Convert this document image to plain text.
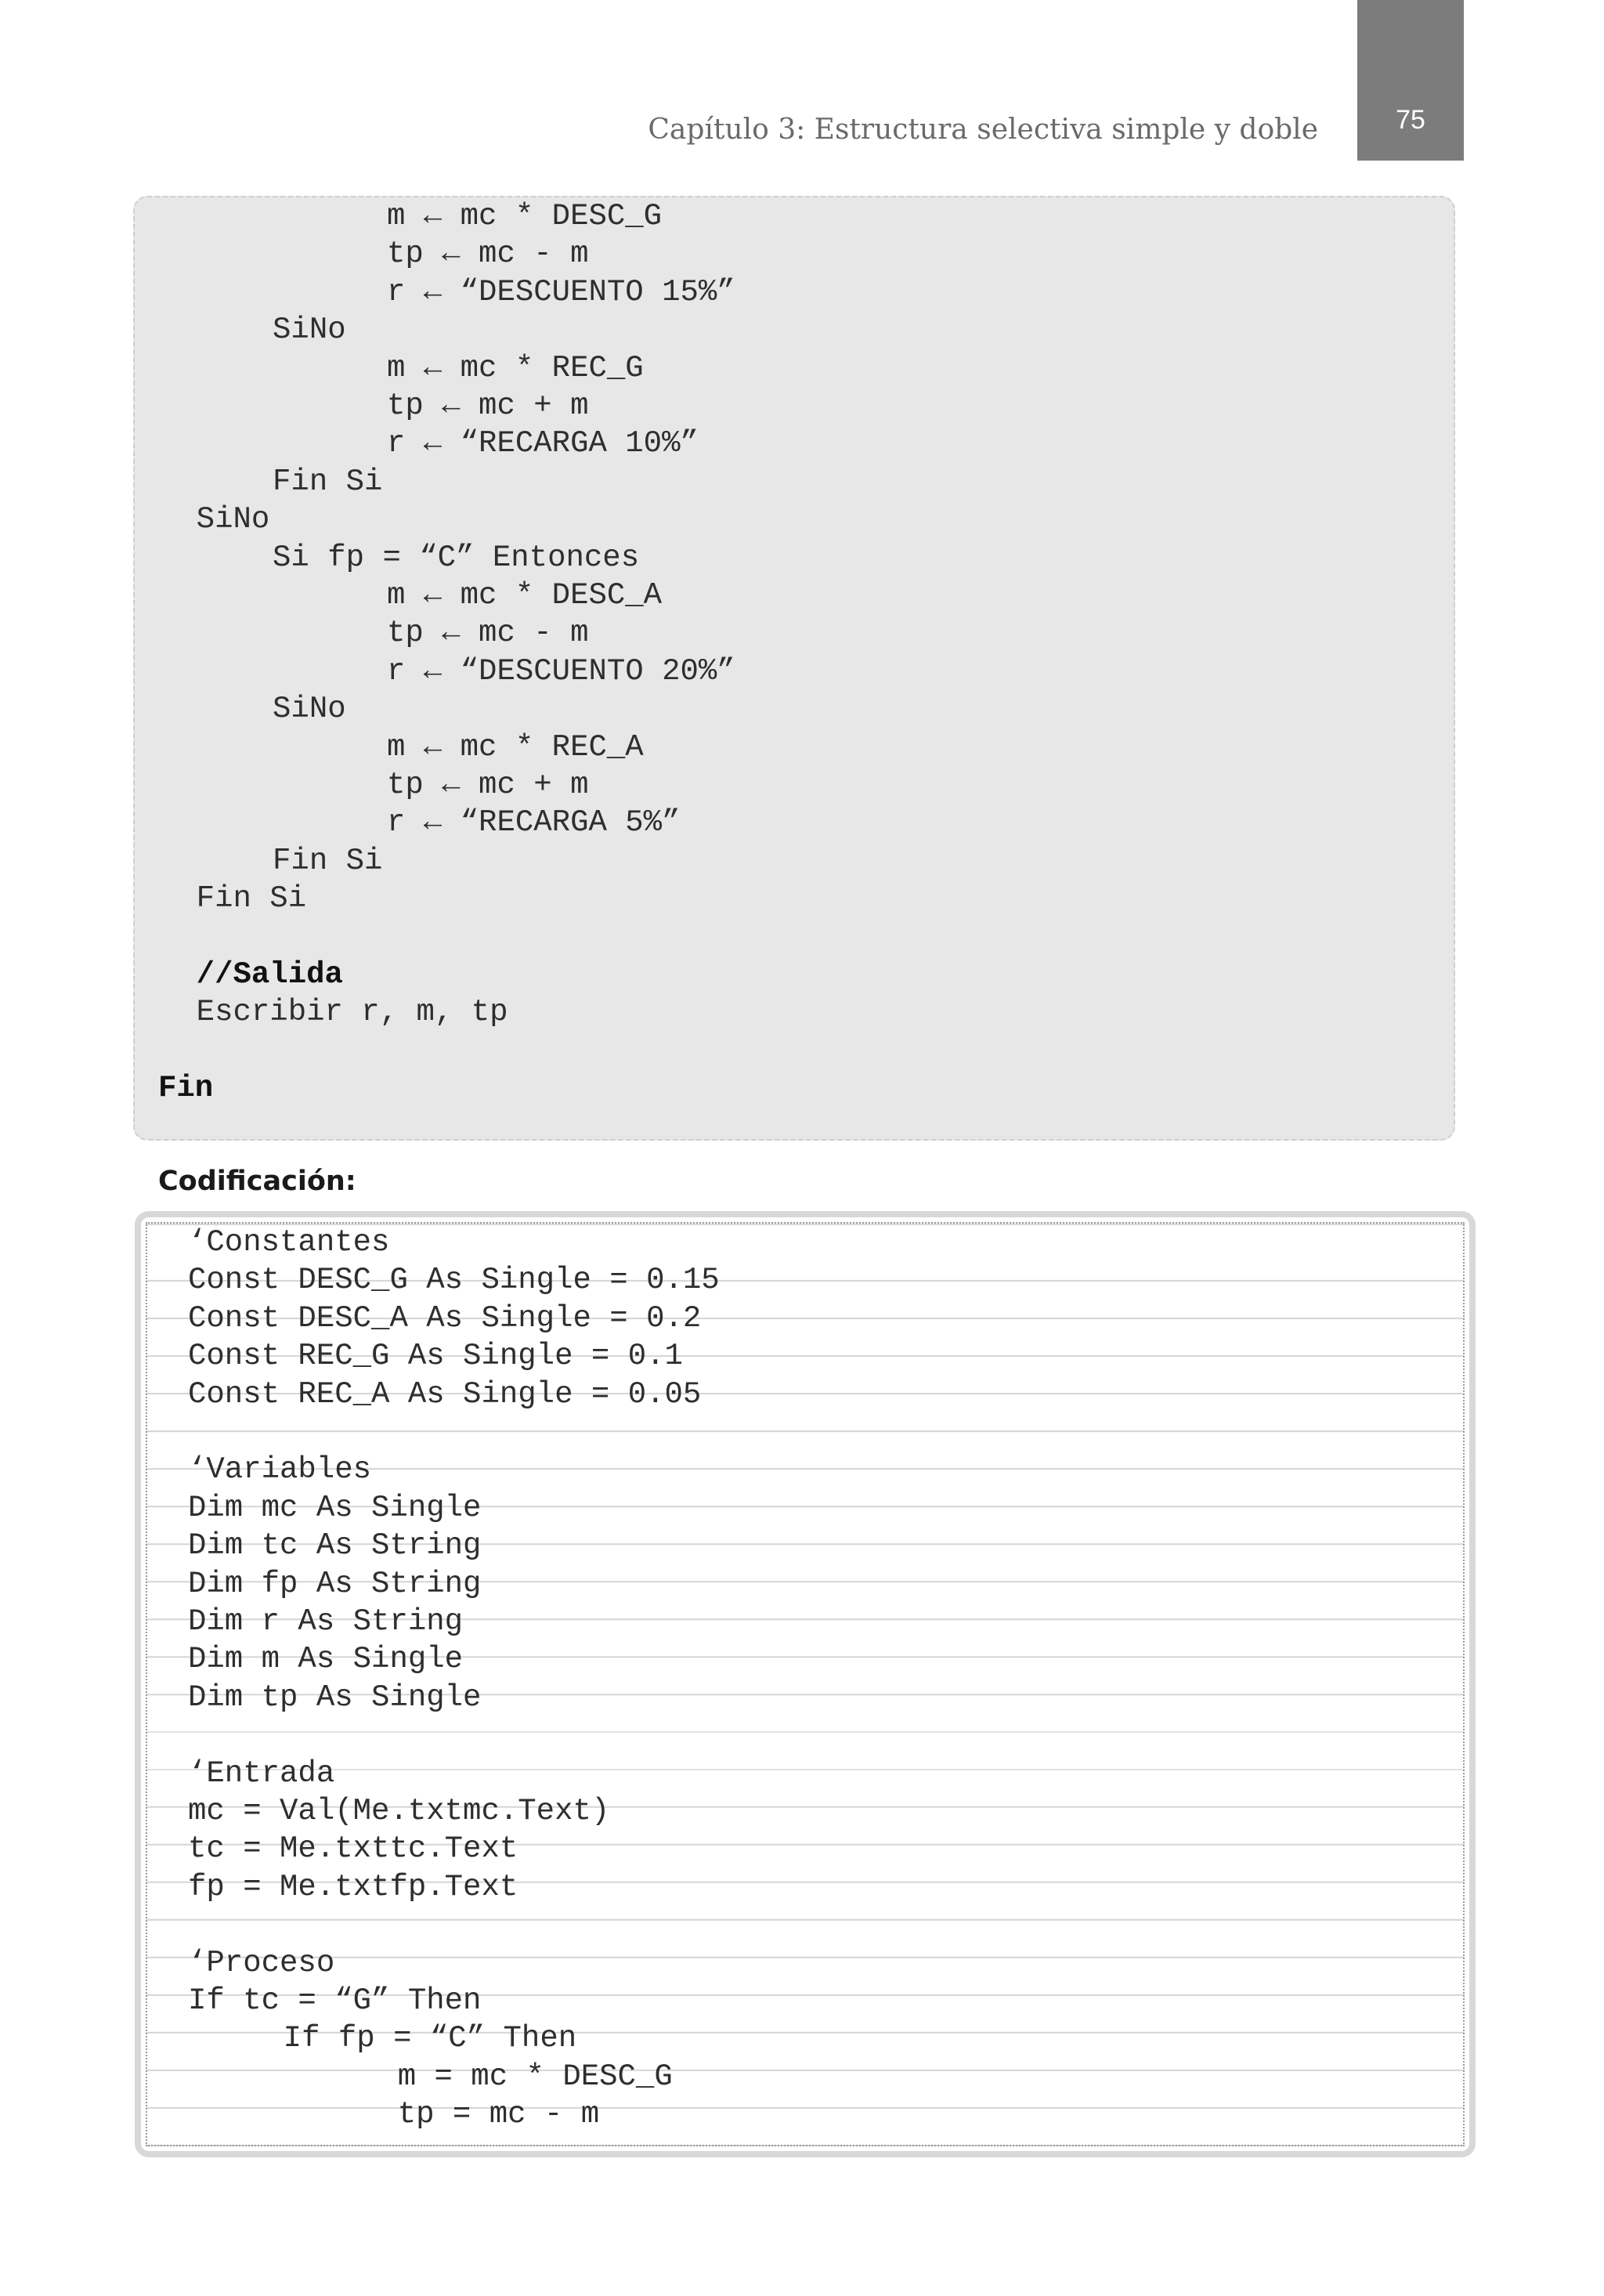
Capítulo 3: Estructura selectiva simple y doble	75
m ← mc * DESC_G
tp ← mc - m
r ← “DESCUENTO 15%”
SiNo
m ← mc * REC_G
tp ← mc + m
r ← “RECARGA 10%”
Fin Si
SiNo
Si fp = “C” Entonces
m ← mc * DESC_A
tp ← mc - m
r ← “DESCUENTO 20%”
SiNo
m ← mc * REC_A
tp ← mc + m
r ← “RECARGA 5%”
Fin Si
Fin Si
//Salida
Escribir r, m, tp
Fin
Codificación:
‘Constantes
Const DESC_G As Single = 0.15
Const DESC_A As Single = 0.2
Const REC_G As Single = 0.1
Const REC_A As Single = 0.05
‘Variables
Dim mc As Single
Dim tc As String
Dim fp As String
Dim r As String
Dim m As Single
Dim tp As Single
‘Entrada
mc = Val(Me.txtmc.Text)
tc = Me.txttc.Text
fp = Me.txtfp.Text
‘Proceso
If tc = “G” Then
If fp = “C” Then
m = mc * DESC_G
tp = mc - m
